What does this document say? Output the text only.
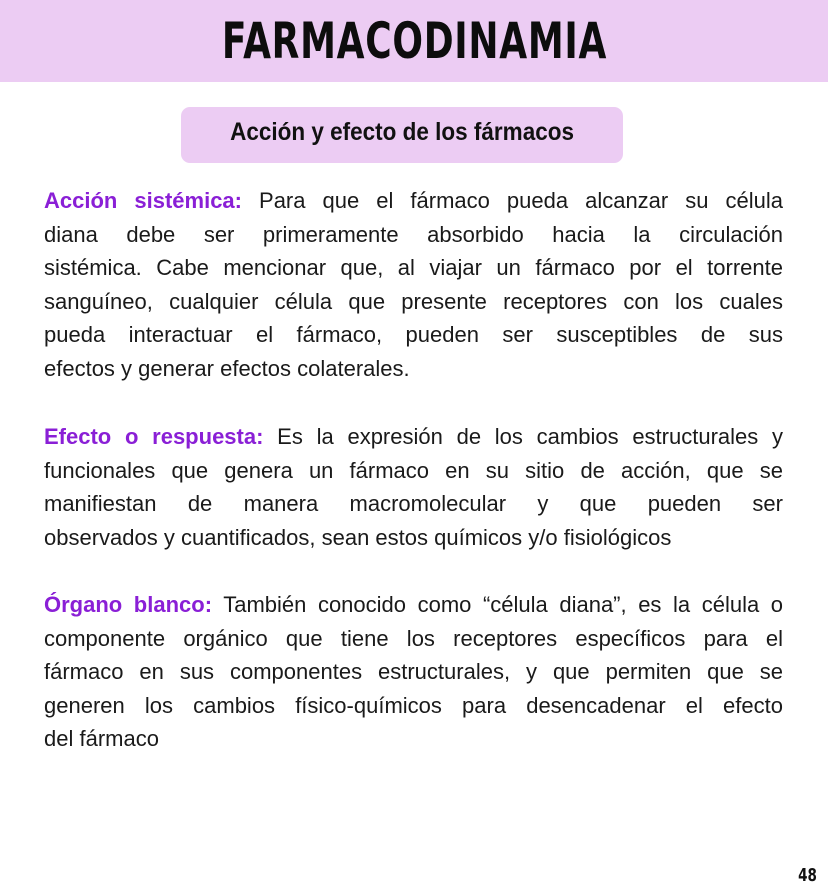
FARMACODINAMIA
Acción y efecto de los fármacos
Acción sistémica: Para que el fármaco pueda alcanzar su célula
diana debe ser primeramente absorbido hacia la circulación
sistémica. Cabe mencionar que, al viajar un fármaco por el torrente
sanguíneo, cualquier célula que presente receptores con los cuales
pueda interactuar el fármaco, pueden ser susceptibles de sus
efectos y generar efectos colaterales.
Efecto o respuesta: Es la expresión de los cambios estructurales y
funcionales que genera un fármaco en su sitio de acción, que se
manifiestan de manera macromolecular y que pueden ser
observados y cuantificados, sean estos químicos y/o fisiológicos
Órgano blanco: También conocido como “célula diana”, es la célula o
componente orgánico que tiene los receptores específicos para el
fármaco en sus componentes estructurales, y que permiten que se
generen los cambios físico-químicos para desencadenar el efecto
del fármaco
48
